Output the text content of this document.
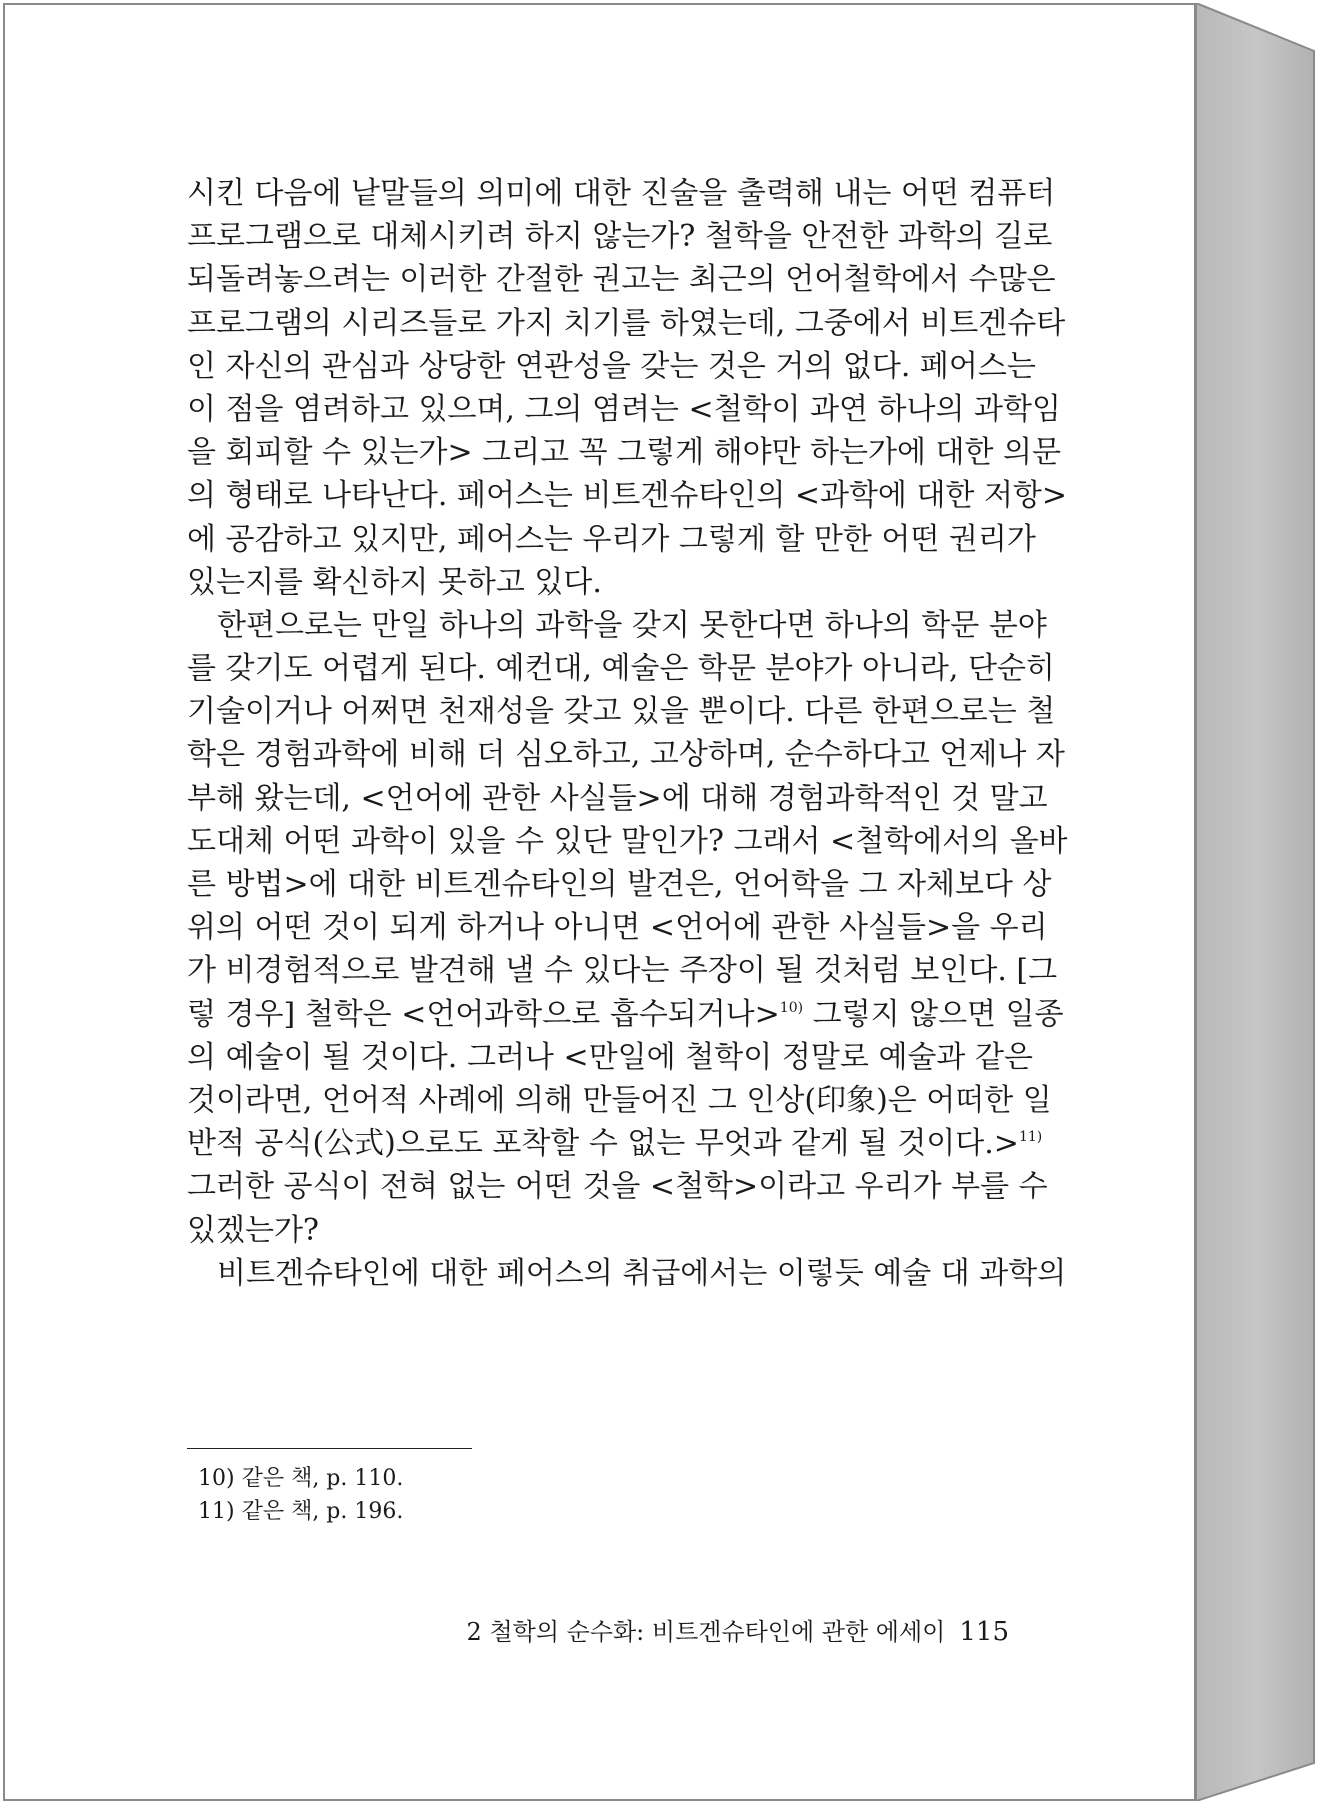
시킨 다음에 낱말들의 의미에 대한 진술을 출력해 내는 어떤 컴퓨터
프로그램으로 대체시키려 하지 않는가? 철학을 안전한 과학의 길로
되돌려놓으려는 이러한 간절한 권고는 최근의 언어철학에서 수많은
프로그램의 시리즈들로 가지 치기를 하였는데, 그중에서 비트겐슈타
인 자신의 관심과 상당한 연관성을 갖는 것은 거의 없다. 페어스는
이 점을 염려하고 있으며, 그의 염려는 <철학이 과연 하나의 과학임
을 회피할 수 있는가> 그리고 꼭 그렇게 해야만 하는가에 대한 의문
의 형태로 나타난다. 페어스는 비트겐슈타인의 <과학에 대한 저항>
에 공감하고 있지만, 페어스는 우리가 그렇게 할 만한 어떤 권리가
있는지를 확신하지 못하고 있다.
한편으로는 만일 하나의 과학을 갖지 못한다면 하나의 학문 분야
를 갖기도 어렵게 된다. 예컨대, 예술은 학문 분야가 아니라, 단순히
기술이거나 어쩌면 천재성을 갖고 있을 뿐이다. 다른 한편으로는 철
학은 경험과학에 비해 더 심오하고, 고상하며, 순수하다고 언제나 자
부해 왔는데, <언어에 관한 사실들>에 대해 경험과학적인 것 말고
도대체 어떤 과학이 있을 수 있단 말인가? 그래서 <철학에서의 올바
른 방법>에 대한 비트겐슈타인의 발견은, 언어학을 그 자체보다 상
위의 어떤 것이 되게 하거나 아니면 <언어에 관한 사실들>을 우리
가 비경험적으로 발견해 낼 수 있다는 주장이 될 것처럼 보인다. [그
렇 경우] 철학은 <언어과학으로 흡수되거나>$^{10)}$ 그렇지 않으면 일종
의 예술이 될 것이다. 그러나 <만일에 철학이 정말로 예술과 같은
것이라면, 언어적 사례에 의해 만들어진 그 인상(印象)은 어떠한 일
반적 공식(公式)으로도 포착할 수 없는 무엇과 같게 될 것이다.>$^{11)}$
그러한 공식이 전혀 없는 어떤 것을 <철학>이라고 우리가 부를 수
있겠는가?
비트겐슈타인에 대한 페어스의 취급에서는 이렇듯 예술 대 과학의
10) 같은 책, p. 110.
11) 같은 책, p. 196.
2 철학의 순수화: 비트겐슈타인에 관한 에세이 115
